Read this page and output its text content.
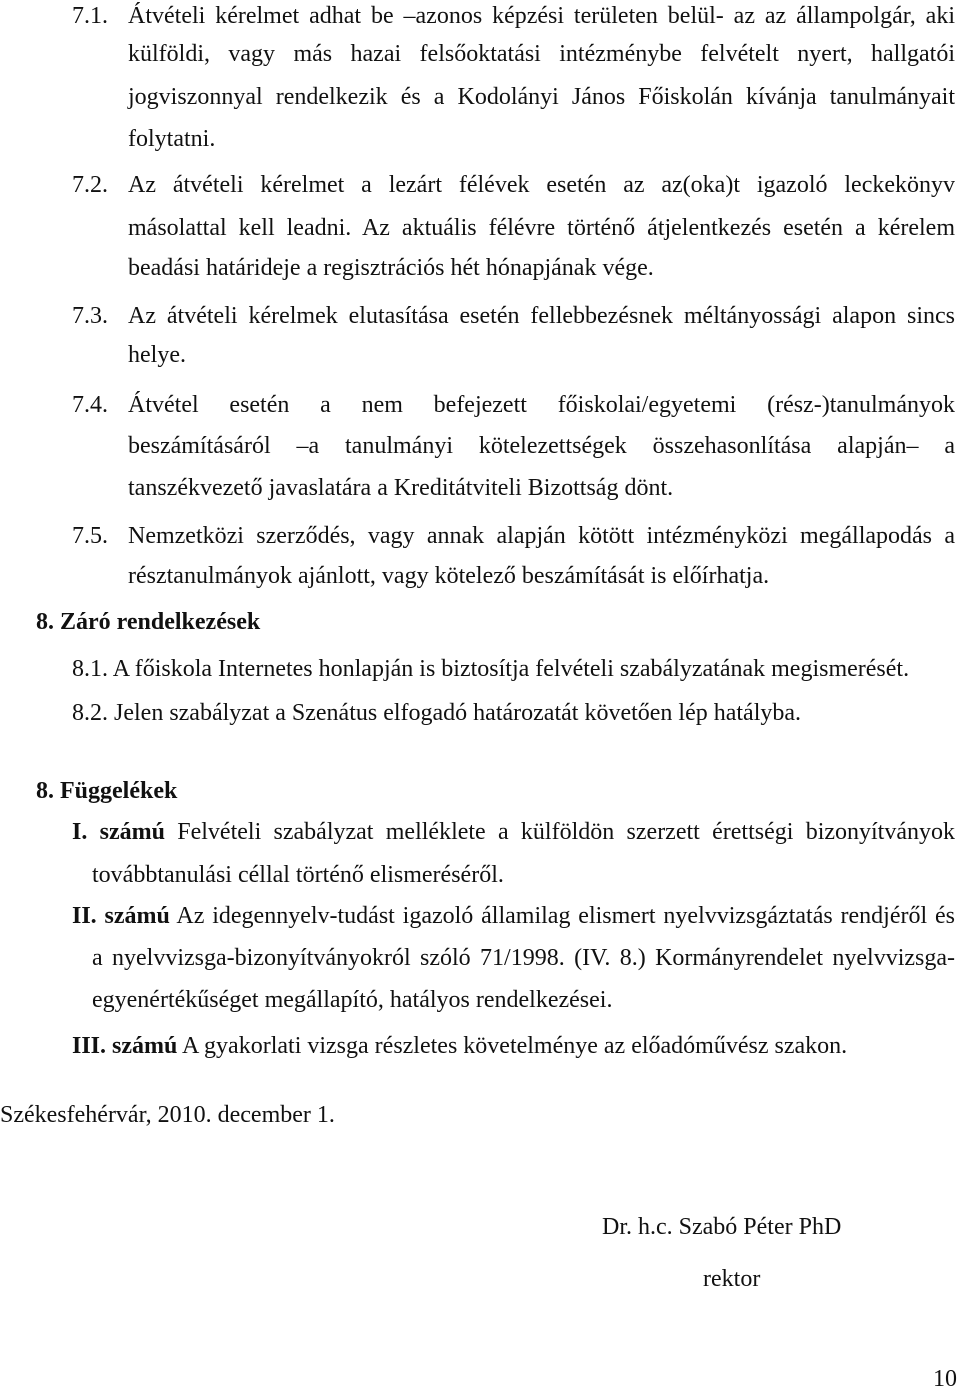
7.1. Átvételi kérelmet adhat be –azonos képzési területen belül- az az állampolgár, aki
külföldi, vagy más hazai felsőoktatási intézménybe felvételt nyert, hallgatói
jogviszonnyal rendelkezik és a Kodolányi János Főiskolán kívánja tanulmányait
folytatni.
7.2. Az átvételi kérelmet a lezárt félévek esetén az az(oka)t igazoló leckekönyv
másolattal kell leadni. Az aktuális félévre történő átjelentkezés esetén a kérelem
beadási határideje a regisztrációs hét hónapjának vége.
7.3. Az átvételi kérelmek elutasítása esetén fellebbezésnek méltányossági alapon sincs
helye.
7.4. Átvétel esetén a nem befejezett főiskolai/egyetemi (rész-)tanulmányok
beszámításáról –a tanulmányi kötelezettségek összehasonlítása alapján– a
tanszékvezető javaslatára a Kreditátviteli Bizottság dönt.
7.5. Nemzetközi szerződés, vagy annak alapján kötött intézményközi megállapodás a
résztanulmányok ajánlott, vagy kötelező beszámítását is előírhatja.
8. Záró rendelkezések
8.1. A főiskola Internetes honlapján is biztosítja felvételi szabályzatának megismerését.
8.2. Jelen szabályzat a Szenátus elfogadó határozatát követően lép hatályba.
8. Függelékek
I. számú Felvételi szabályzat melléklete a külföldön szerzett érettségi bizonyítványok
továbbtanulási céllal történő elismeréséről.
II. számú Az idegennyelv-tudást igazoló államilag elismert nyelvvizsgáztatás rendjéről és
a nyelvvizsga-bizonyítványokról szóló 71/1998. (IV. 8.) Kormányrendelet nyelvvizsga-
egyenértékűséget megállapító, hatályos rendelkezései.
III. számú A gyakorlati vizsga részletes követelménye az előadóművész szakon.
Székesfehérvár, 2010. december 1.
Dr. h.c. Szabó Péter PhD
rektor
10
